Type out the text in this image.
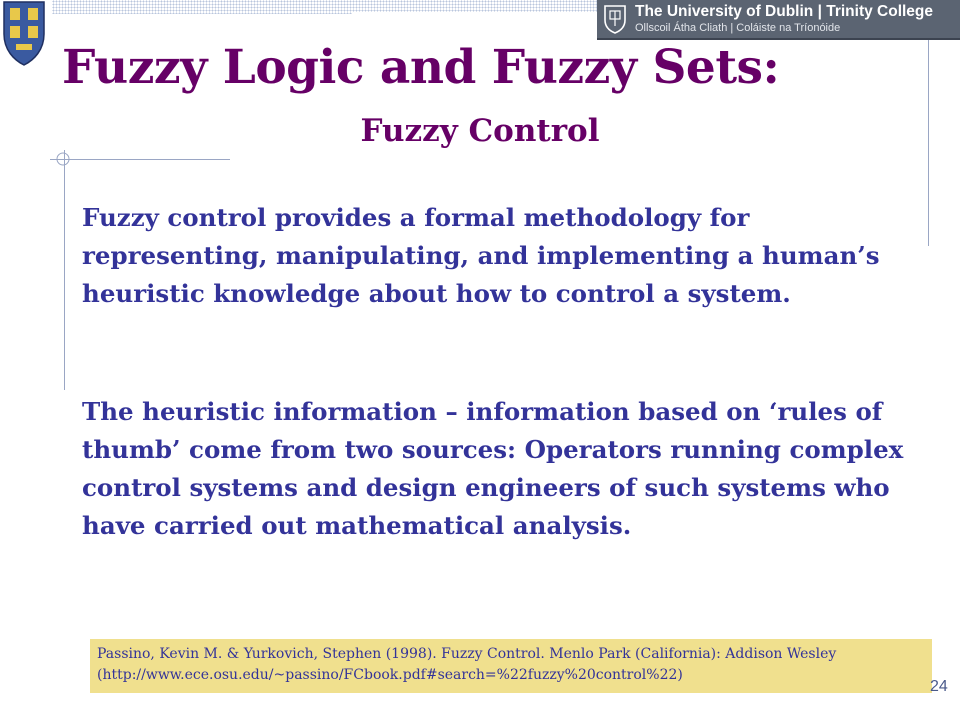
The University of Dublin | Trinity College
Ollscoil Átha Cliath | Coláiste na Tríonóide
Fuzzy Logic and Fuzzy Sets:
Fuzzy Control

Fuzzy control provides a formal methodology for representing, manipulating, and implementing a human’s heuristic knowledge about how to control a system.

The heuristic information – information based on ‘rules of thumb’ come from two sources: Operators running complex control systems and design engineers of such systems who have carried out mathematical analysis.

Passino, Kevin M. & Yurkovich, Stephen (1998). Fuzzy Control. Menlo Park (California): Addison Wesley (http://www.ece.osu.edu/~passino/FCbook.pdf#search=%22fuzzy%20control%22)
24
